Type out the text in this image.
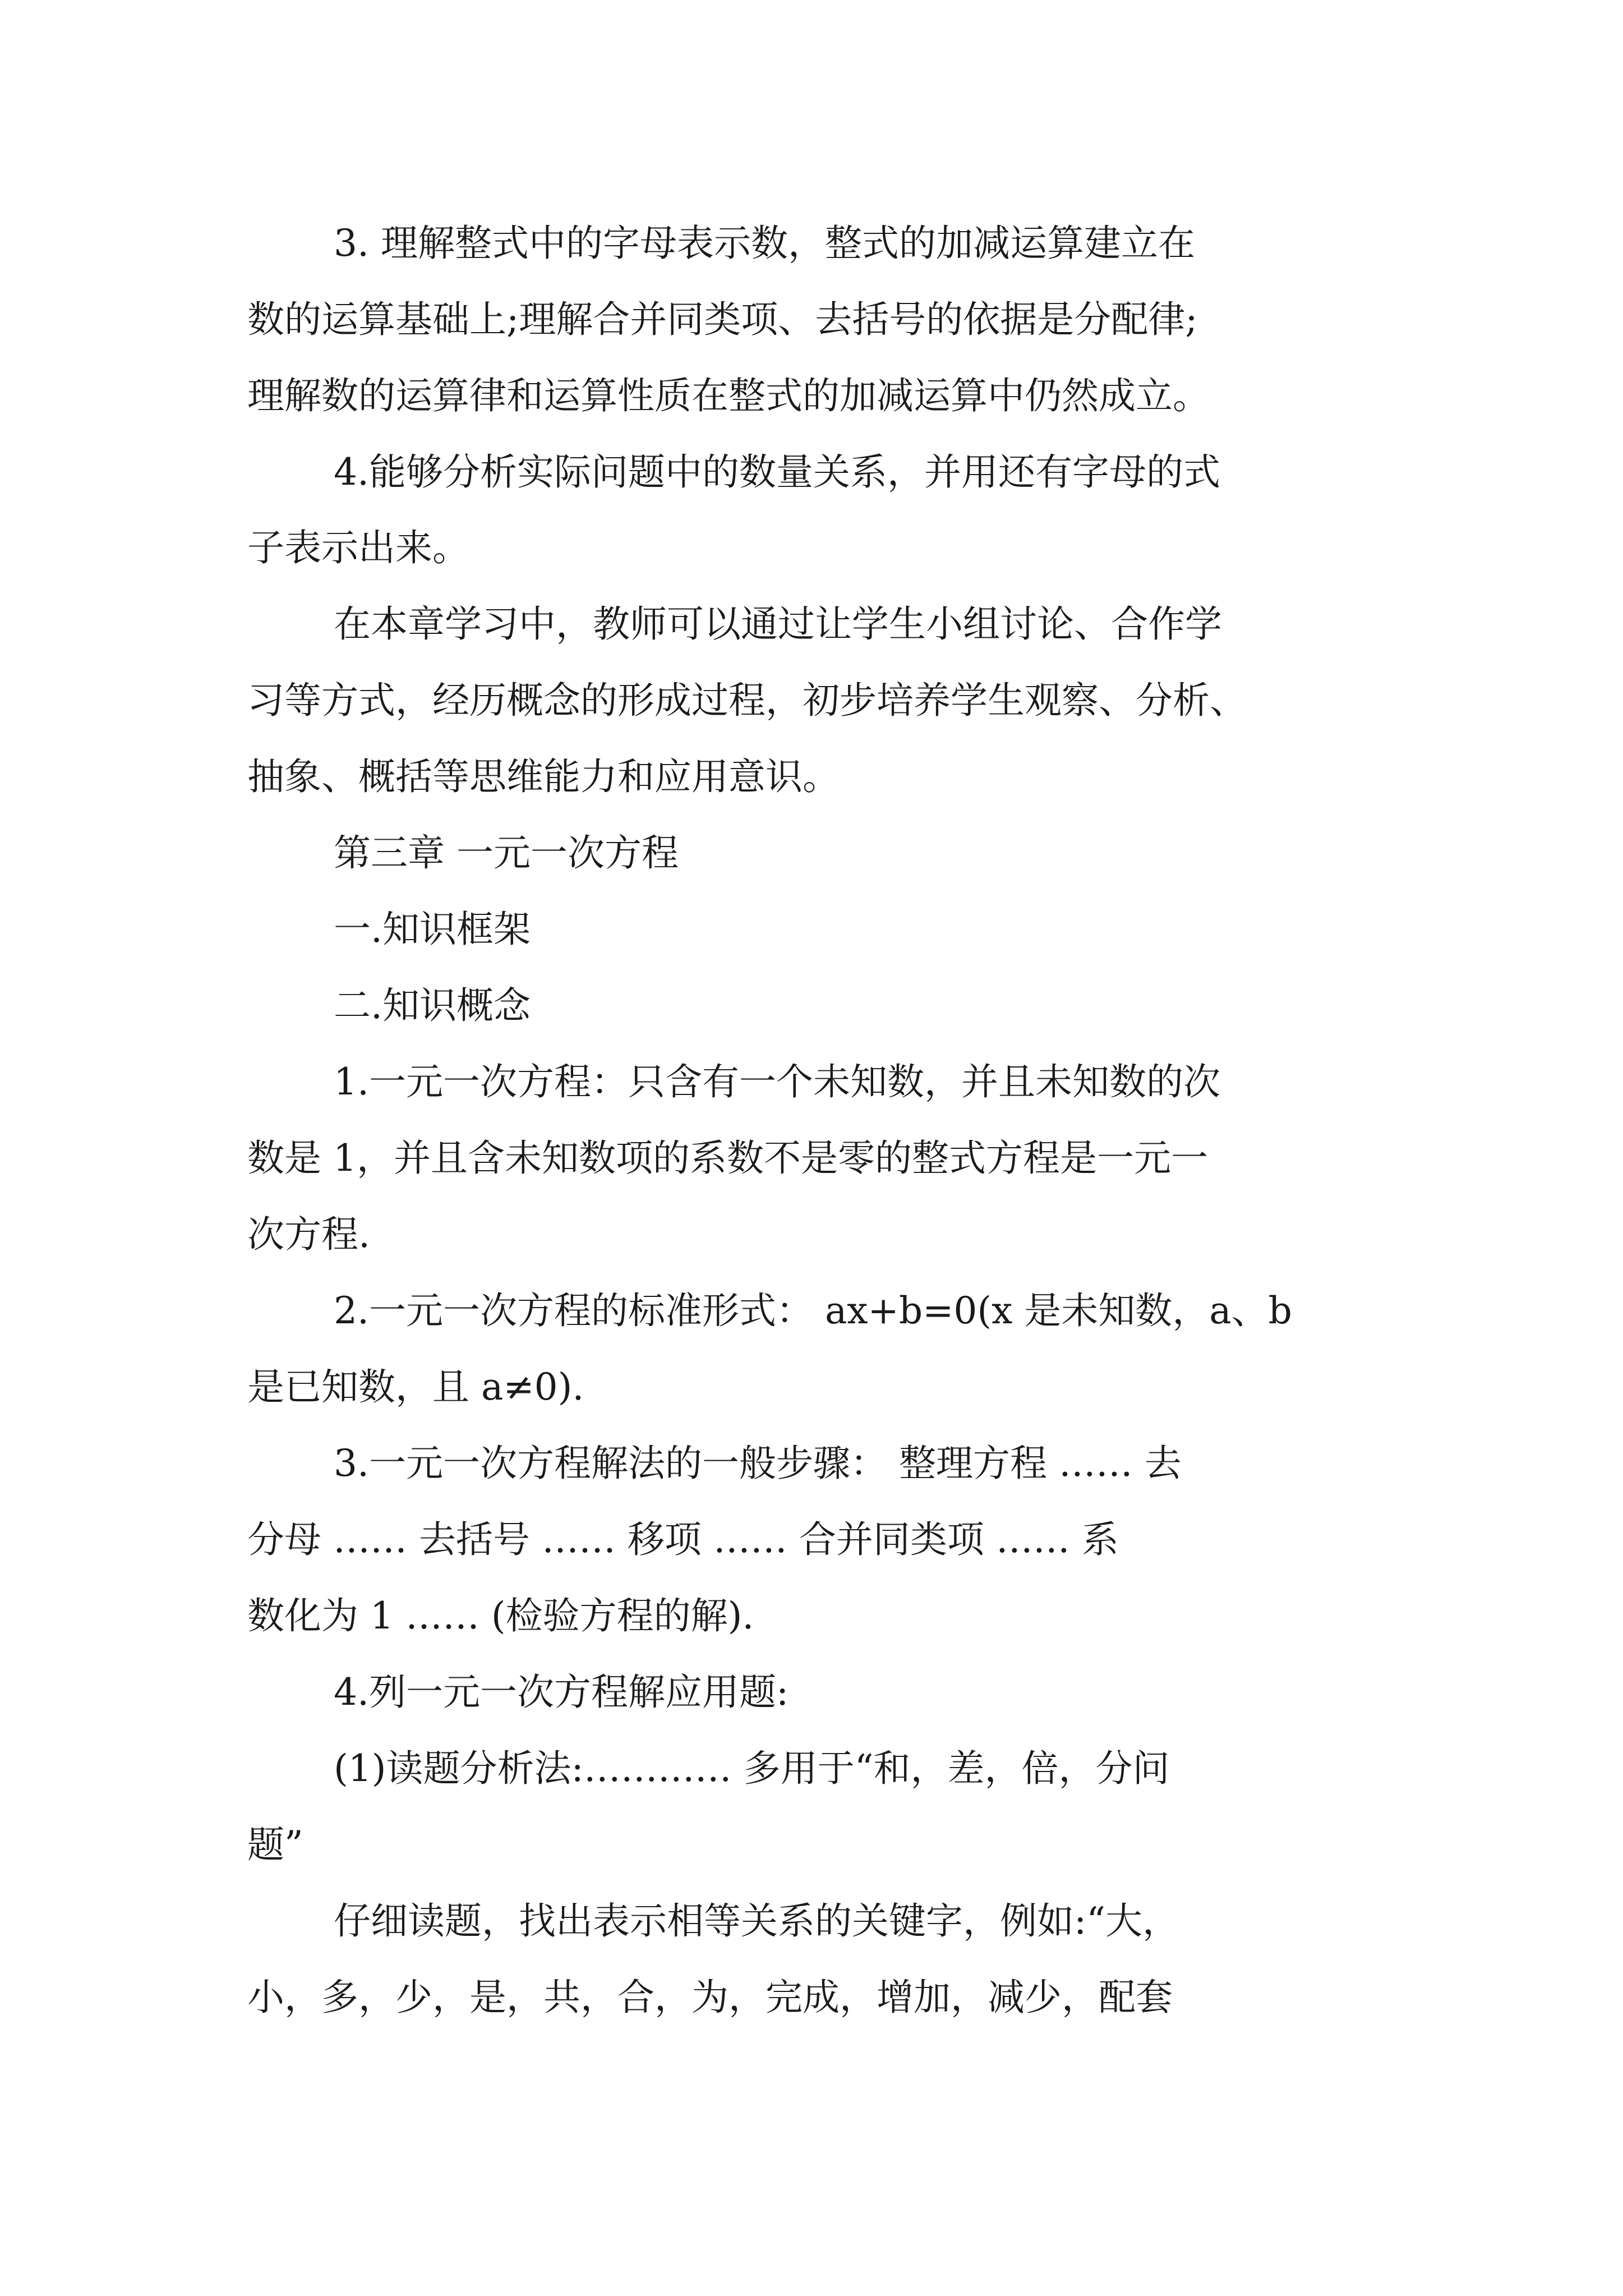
3. 理解整式中的字母表示数，整式的加减运算建立在
数的运算基础上;理解合并同类项、去括号的依据是分配律;
理解数的运算律和运算性质在整式的加减运算中仍然成立。
4.能够分析实际问题中的数量关系，并用还有字母的式
子表示出来。
在本章学习中，教师可以通过让学生小组讨论、合作学
习等方式，经历概念的形成过程，初步培养学生观察、分析、
抽象、概括等思维能力和应用意识。
第三章 一元一次方程
一.知识框架
二.知识概念
1.一元一次方程：只含有一个未知数，并且未知数的次
数是 1，并且含未知数项的系数不是零的整式方程是一元一
次方程.
2.一元一次方程的标准形式： ax+b=0(x 是未知数，a、b
是已知数，且 a≠0).
3.一元一次方程解法的一般步骤： 整理方程 …… 去
分母 …… 去括号 …… 移项 …… 合并同类项 …… 系
数化为 1 …… (检验方程的解).
4.列一元一次方程解应用题:
(1)读题分析法:………… 多用于“和，差，倍，分问
题”
仔细读题，找出表示相等关系的关键字，例如:“大，
小，多，少，是，共，合，为，完成，增加，减少，配套
